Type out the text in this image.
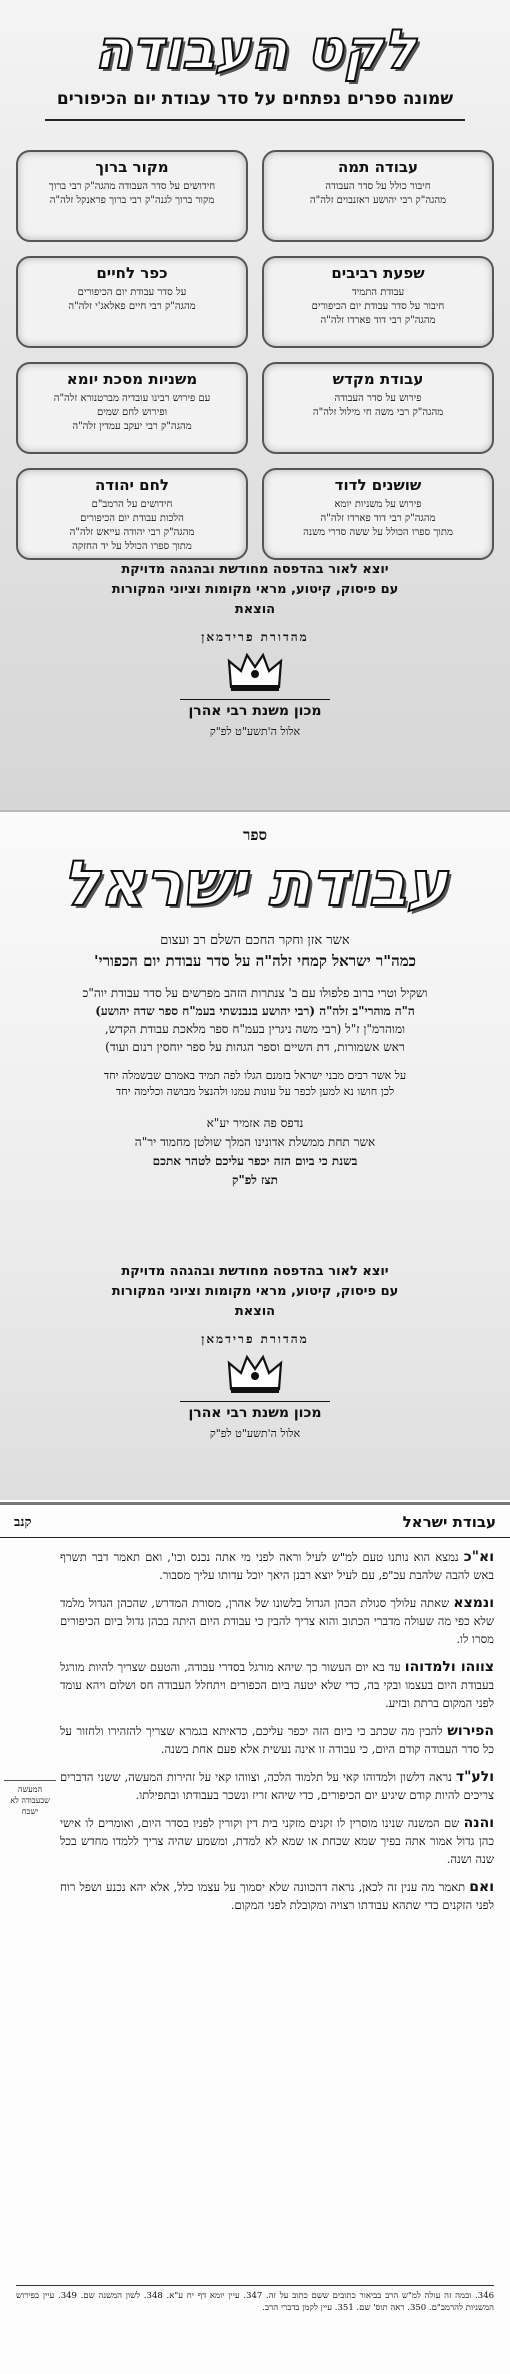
לקט העבודה
שמונה ספרים נפתחים על סדר עבודת יום הכיפורים
עבודה תמה
חיבור כולל על סדר העבודה
מהגה"ק רבי יהושע ראזנבוים זלה"ה
מקור ברוך
חידושים על סדר העבודה מהגה"ק רבי ברוך
מקור ברוך לגנה"ק רבי ברוך פראנקל זלה"ה
שפעת רביבים
עבודת התמיד
חיבור על סדר עבודת יום הכיפורים
מהגה"ק רבי דוד פארדו זלה"ה
כפר לחיים
על סדר עבודת יום הכיפורים
מהגה"ק רבי חיים פאלאג'י זלה"ה
עבודת מקדש
פירוש על סדר העבודה
מהגה"ק רבי משה חי מילול זלה"ה
משניות מסכת יומא
עם פירוש רבינו עובדיה מברטנורא זלה"ה
ופירוש לחם שמים
מהגה"ק רבי יעקב עמדין זלה"ה
שושנים לדוד
פירוש על משניות יומא
מהגה"ק רבי דוד פארדו זלה"ה
מתוך ספרו הכולל על ששה סדרי משנה
לחם יהודה
חידושים על הרמב"ם
הלכות עבודת יום הכיפורים
מהגה"ק רבי יהודה עייאש זלה"ה
מתוך ספרו הכולל על יד החזקה
יוצא לאור בהדפסה מחודשת ובהגהה מדויקת
עם פיסוק, קיטוע, מראי מקומות וציוני המקורות
הוצאת
מהדורת פרידמאן
מכון משנת רבי אהרן
אלול ה'תשע"ט לפ"ק
ספר
עבודת ישראל
אשר אזן וחקר החכם השלם רב ועצום
כמה"ר ישראל קמחי זלה"ה על סדר עבודת יום הכפורי'
ושקיל וטרי ברוב פלפולו עם ב' צנתרות הזהב מפרשים על סדר עבודת יוה"כ
ה"ה מוהרי"ב זלה"ה (רבי יהושע בנבנשתי בעמ"ח ספר שדה יהושע)
ומוהרמ"ן ז"ל (רבי משה ניגרין בעמ"ח ספר מלאכת עבודת הקדש,
ראש אשמורות, דת השיים וספר הגהות על ספר יוחסין רנום ועוד)
על אשר רבים מבני ישראל בזמנם הגלו לפה תמיד באמרם שבשמלה יחד
לכן חושו נא למען לכפר על עונות עמנו ולהנצל מבושה וכלימה יחד
נדפס פה אזמיר יע"א
אשר תחת ממשלת אדונינו המלך שולטן מחמוד יר"ה
בשנת כי ביום הזה יכפר עליכם לטהר אתכם
תצז לפ"ק
יוצא לאור בהדפסה מחודשת ובהגהה מדויקת
עם פיסוק, קיטוע, מראי מקומות וציוני המקורות
הוצאת
מהדורת פרידמאן
מכון משנת רבי אהרן
אלול ה'תשע"ט לפ"ק
עבודת ישראל
קנב

וא"כ נמצא הוא נותנו טעם למ"ש לעיל וראה לפני מי אתה נכנס וכו', ואם תאמר דבר תשרף באש להבה שלהבת עכ"פ, עם לעיל יוצא רבנן היאך יוכל עדותו עליך מסבור.

ונמצא שאתה עלולך סגולת הכהן הגדול בלשונו של אהרן, מסורת המדרש, שהכהן הגדול מלמד שלא כפי מה שעולה מדברי הכתוב והוא צריך להבין כי עבודת היום היתה בכהן גדול ביום הכיפורים מסרו לו.

צווהו ולמדוהו עד בא יום העשור כך שיהא מורגל בסדרי עבודה, והטעם שצריך להיות מורגל בעבודת היום בעצמו ובקי בה, כדי שלא יטעה ביום הכפורים ויתחלל העבודה חס ושלום ויהא עומד לפני המקום ברתת ובזיע.

הפירוש להבין מה שכתב כי ביום הזה יכפר עליכם, כדאיתא בגמרא שצריך להזהירו ולחזור על כל סדר העבודה קודם היום, כי עבודה זו אינה נעשית אלא פעם אחת בשנה.

ולע"ד נראה דלשון ולמדוהו קאי על תלמוד הלכה, וצווהו קאי על זהירות המעשה, ששני הדברים צריכים להיות קודם שיגיע יום הכיפורים, כדי שיהא זריז ונשכר בעבודתו ובתפילתו.

והנה שם המשנה שנינו מוסרין לו זקנים מזקני בית דין וקורין לפניו בסדר היום, ואומרים לו אישי כהן גדול אמור אתה בפיך שמא שכחת או שמא לא למדת, ומשמע שהיה צריך ללמדו מחדש בכל שנה ושנה.

ואם תאמר מה ענין זה לכאן, נראה דהכוונה שלא יסמוך על עצמו כלל, אלא יהא נכנע ושפל רוח לפני הזקנים כדי שתהא עבודתו רצויה ומקובלת לפני המקום.

346. ובמה זה עולה למ"ש הרב בביאור כתובים ששם כתוב על זה. 347. עיין יומא דף יח ע"א. 348. לשון המשנה שם. 349. עיין בפירוש המשניות להרמב"ם. 350. ראה תוס' שם. 351. עיין לקמן בדברי הרב.
המעשה שבעבודה לא ישכח
